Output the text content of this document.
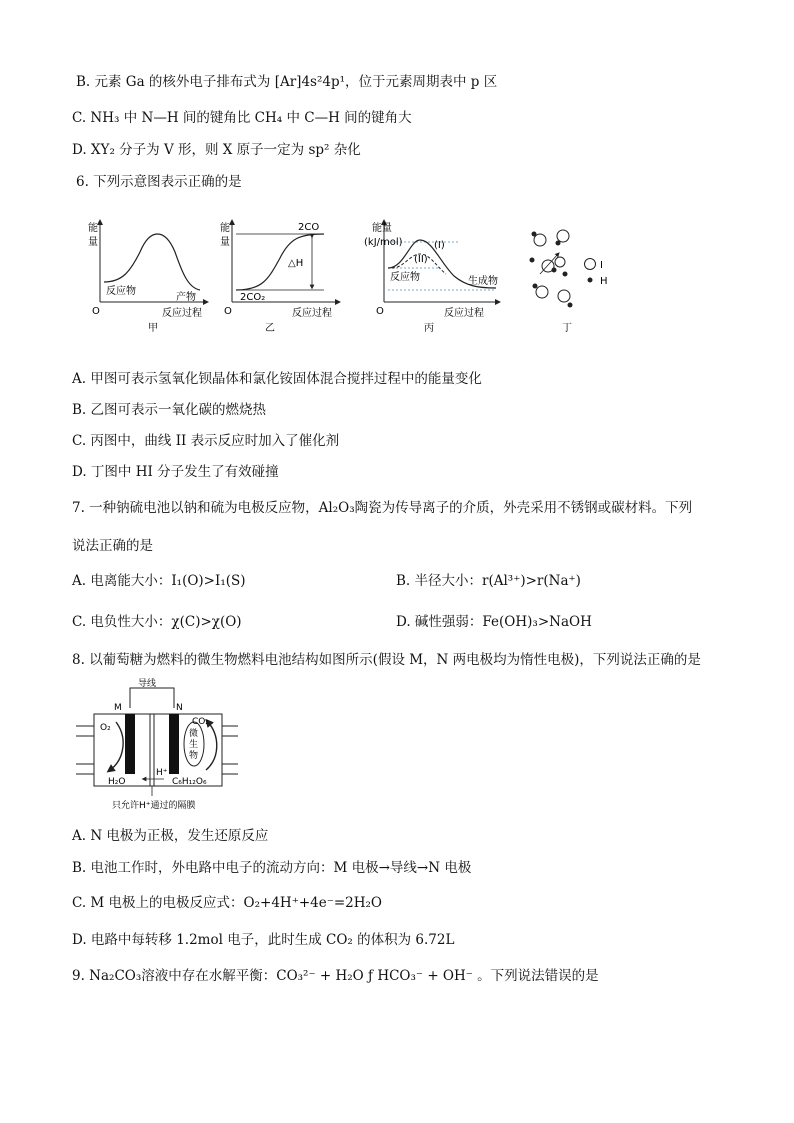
B. 元素 Ga 的核外电子排布式为 [Ar]4s²4p¹，位于元素周期表中 p 区
C. NH₃ 中 N—H 间的键角比 CH₄ 中 C—H 间的键角大
D. XY₂ 分子为 V 形，则 X 原子一定为 sp² 杂化
6. 下列示意图表示正确的是
能
量
O
反应物
产物
反应过程
甲
能
量
O
2CO
2CO₂
△H
反应过程
乙
能量
(kJ/mol)
O
(I)
(II)
反应物	生成物
反应过程
丙
I
H
丁
A. 甲图可表示氢氧化钡晶体和氯化铵固体混合搅拌过程中的能量变化
B. 乙图可表示一氧化碳的燃烧热
C. 丙图中，曲线 II 表示反应时加入了催化剂
D. 丁图中 HI 分子发生了有效碰撞
7. 一种钠硫电池以钠和硫为电极反应物，Al₂O₃陶瓷为传导离子的介质，外壳采用不锈钢或碳材料。下列
说法正确的是
A. 电离能大小：I₁(O)>I₁(S)	B. 半径大小：r(Al³⁺)>r(Na⁺)
C. 电负性大小：χ(C)>χ(O)	D. 碱性强弱：Fe(OH)₃>NaOH
8. 以葡萄糖为燃料的微生物燃料电池结构如图所示(假设 M，N 两电极均为惰性电极)，下列说法正确的是
导线
M	N
O₂
H₂O
微
生
物
CO₂
H⁺
C₆H₁₂O₆
只允许H⁺通过的隔膜
A. N 电极为正极，发生还原反应
B. 电池工作时，外电路中电子的流动方向：M 电极→导线→N 电极
C. M 电极上的电极反应式：O₂+4H⁺+4e⁻=2H₂O
D. 电路中每转移 1.2mol 电子，此时生成 CO₂ 的体积为 6.72L
9. Na₂CO₃溶液中存在水解平衡：CO₃²⁻ + H₂O ƒ HCO₃⁻ + OH⁻ 。下列说法错误的是
